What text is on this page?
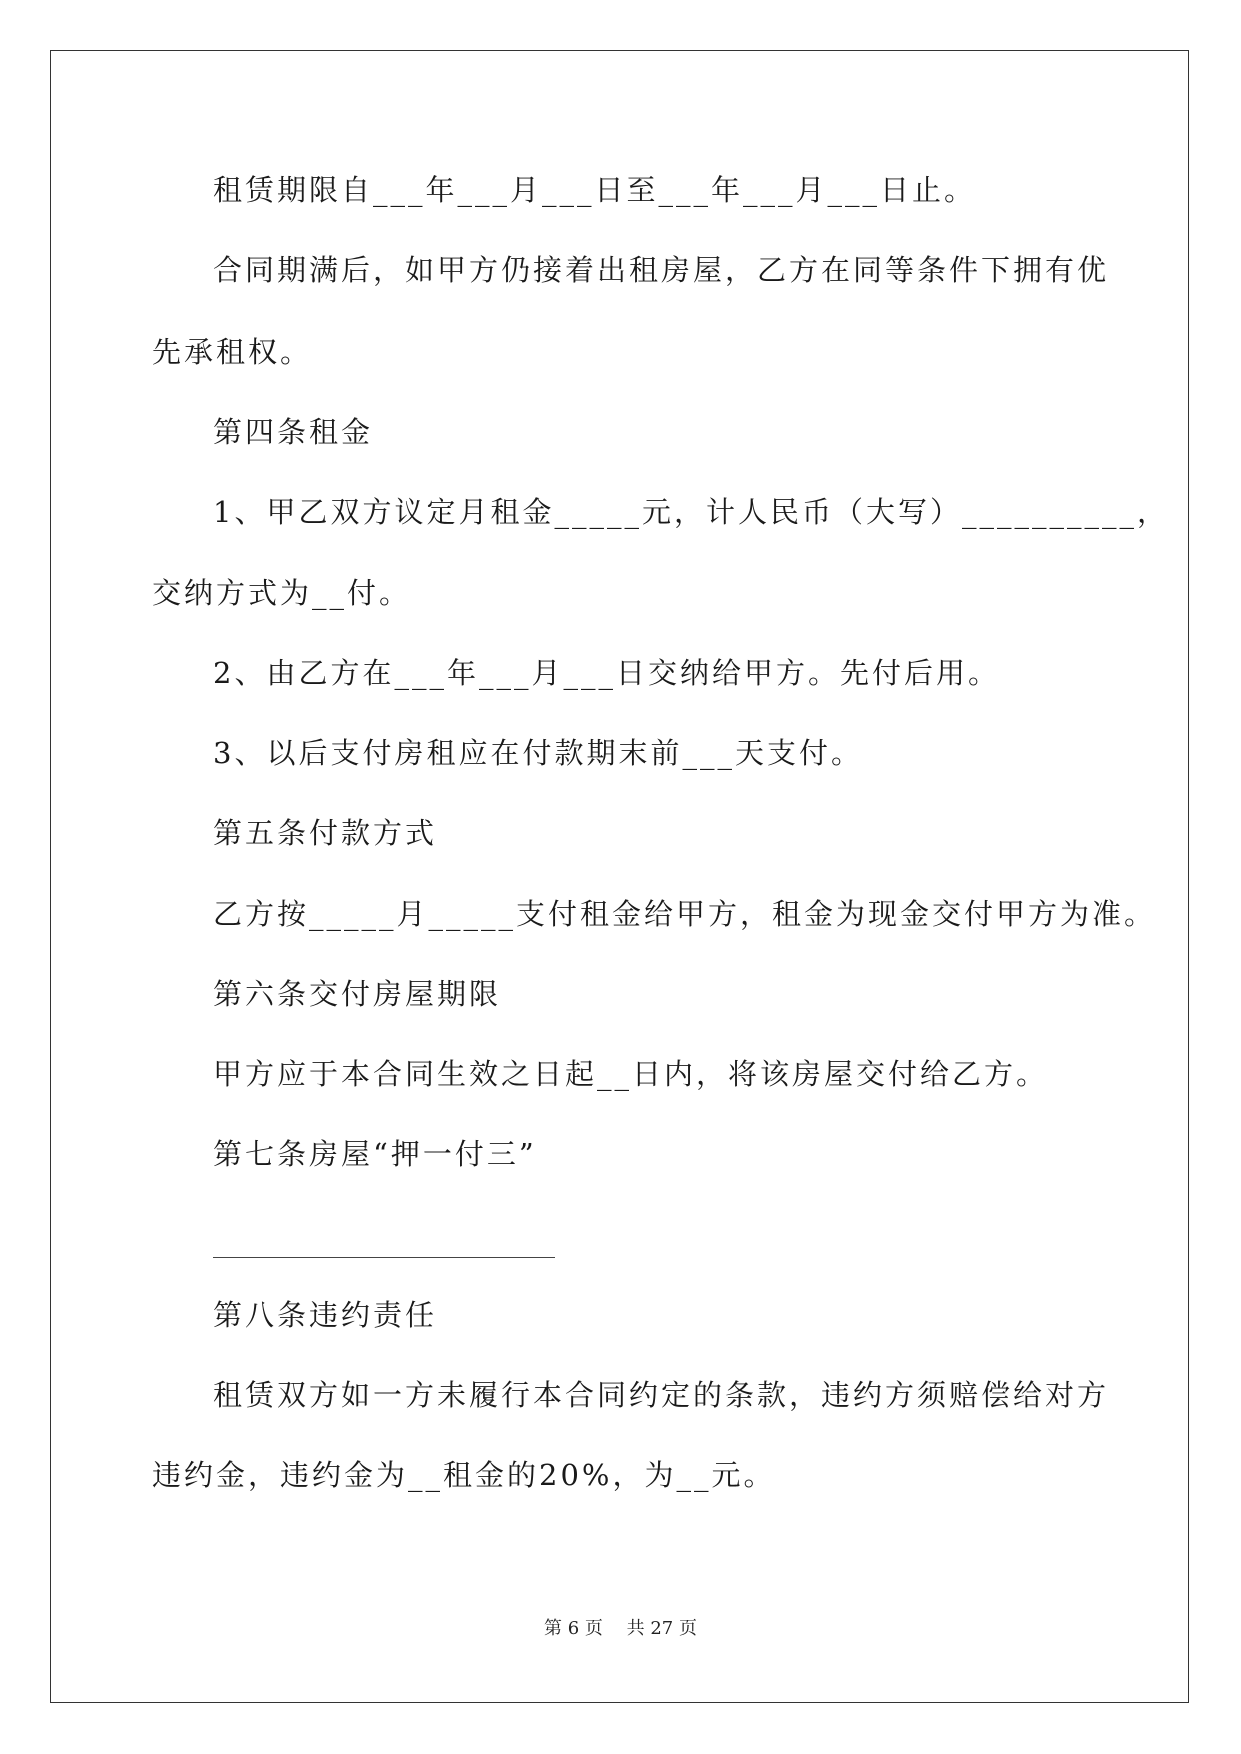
租赁期限自___年___月___日至___年___月___日止。

合同期满后，如甲方仍接着出租房屋，乙方在同等条件下拥有优

先承租权。

第四条租金

1、甲乙双方议定月租金_____元，计人民币（大写）__________，

交纳方式为__付。

2、由乙方在___年___月___日交纳给甲方。先付后用。

3、以后支付房租应在付款期末前___天支付。

第五条付款方式

乙方按_____月_____支付租金给甲方，租金为现金交付甲方为准。

第六条交付房屋期限

甲方应于本合同生效之日起__日内，将该房屋交付给乙方。

第七条房屋“押一付三”

第八条违约责任

租赁双方如一方未履行本合同约定的条款，违约方须赔偿给对方

违约金，违约金为__租金的20%，为__元。

第 6 页　 共 27 页
